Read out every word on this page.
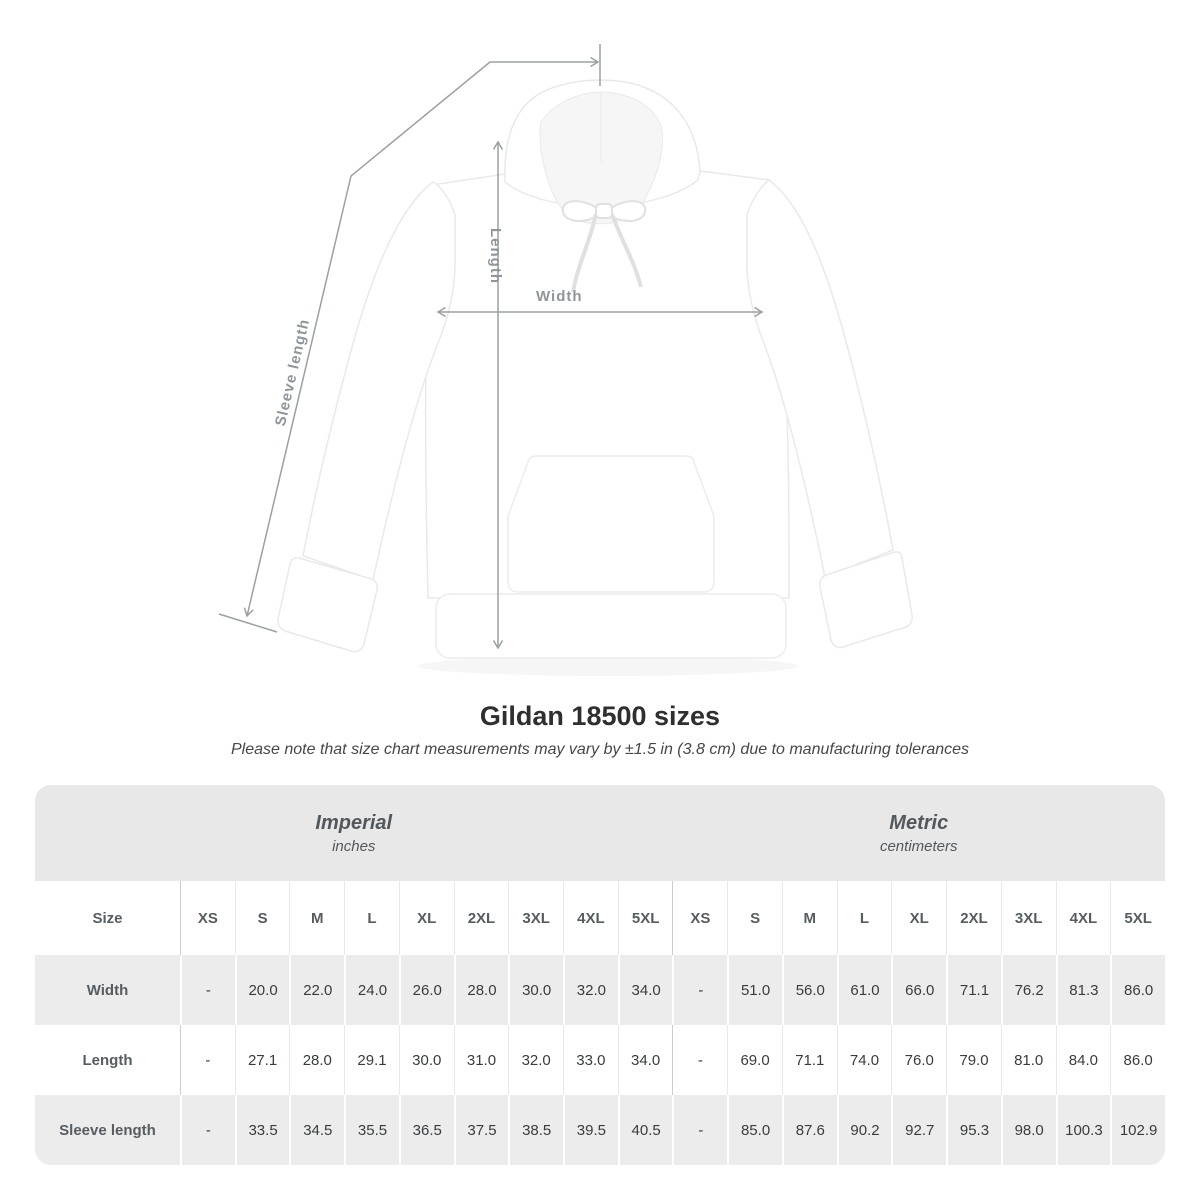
Length
Width
Sleeve length
Gildan 18500 sizes

Please note that size chart measurements may vary by ±1.5 in (3.8 cm) due to manufacturing tolerances

Imperial
inches
Metric
centimeters
Size	XS	S	M	L	XL	2XL	3XL	4XL	5XL	XS	S	M	L	XL	2XL	3XL	4XL	5XL
Width	-	20.0	22.0	24.0	26.0	28.0	30.0	32.0	34.0	-	51.0	56.0	61.0	66.0	71.1	76.2	81.3	86.0
Length	-	27.1	28.0	29.1	30.0	31.0	32.0	33.0	34.0	-	69.0	71.1	74.0	76.0	79.0	81.0	84.0	86.0
Sleeve length	-	33.5	34.5	35.5	36.5	37.5	38.5	39.5	40.5	-	85.0	87.6	90.2	92.7	95.3	98.0	100.3	102.9
